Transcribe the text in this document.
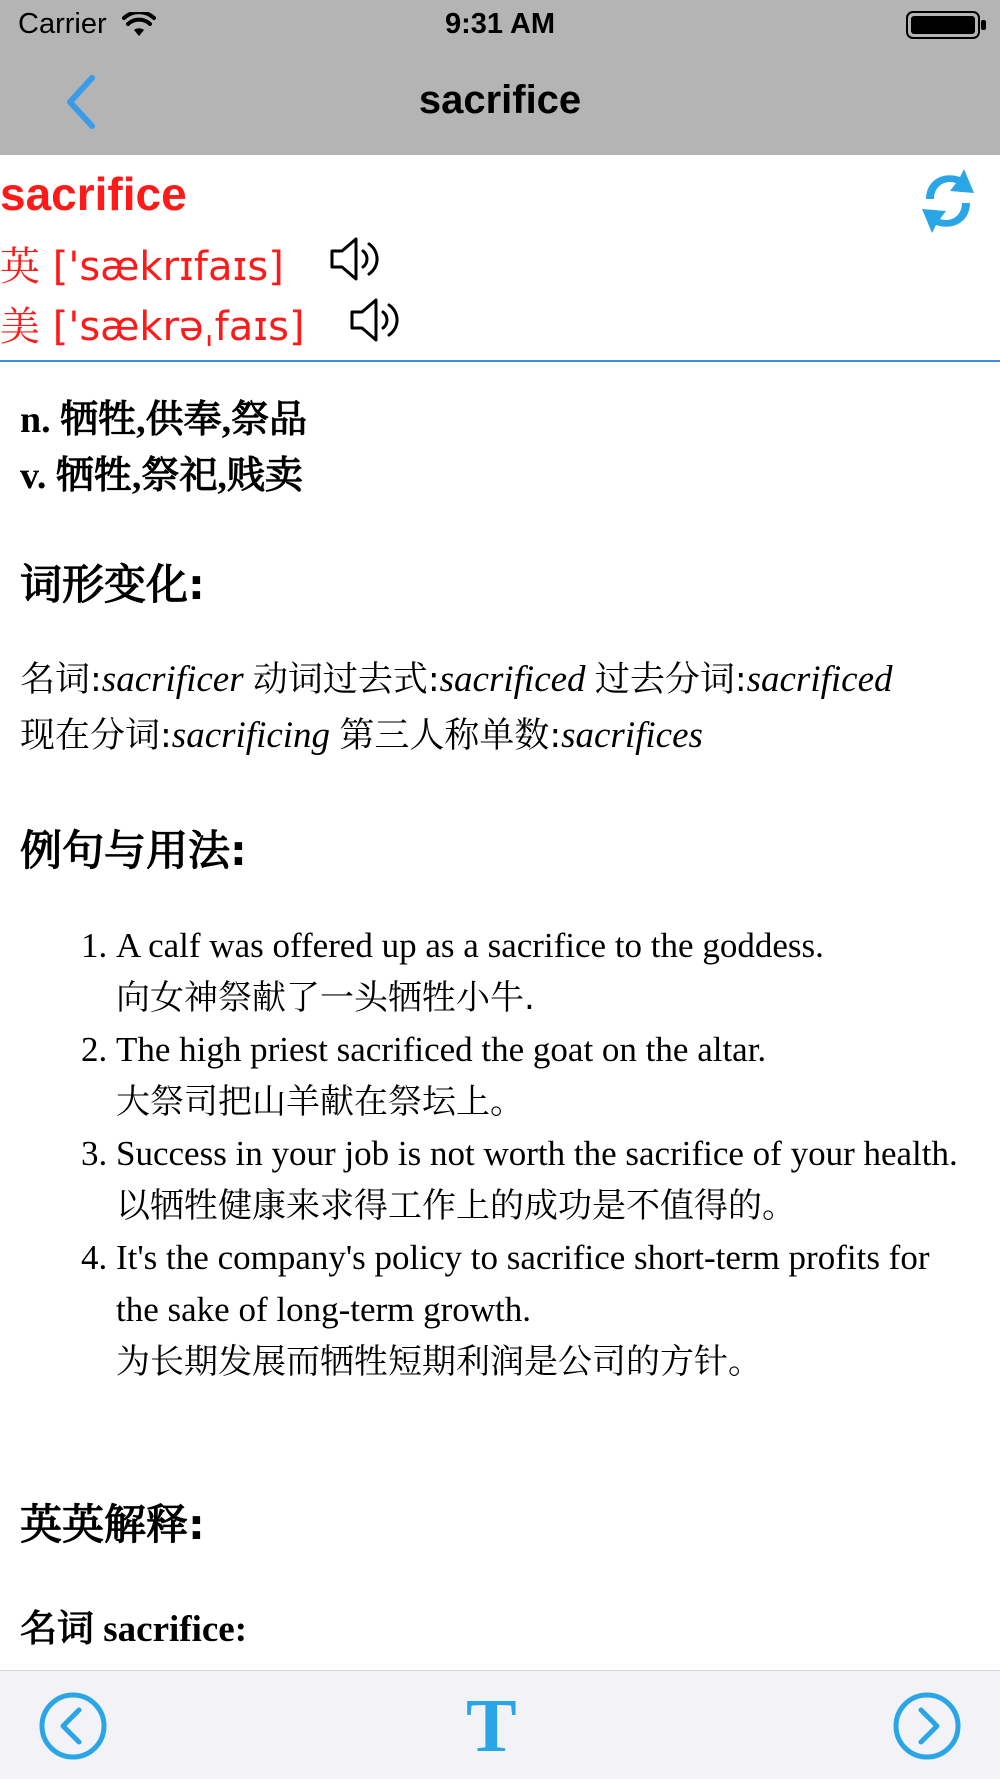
Carrier	9:31 AM
sacrifice
sacrifice
英 ['sækrɪfaɪs]
美 ['sækrəˌfaɪs]
n. 牺牲,供奉,祭品
v. 牺牲,祭祀,贱卖
词形变化:
名词:sacrificer 动词过去式:sacrificed 过去分词:sacrificed
现在分词:sacrificing 第三人称单数:sacrifices
例句与用法:
1. A calf was offered up as a sacrifice to the goddess.
向女神祭献了一头牺牲小牛.
2. The high priest sacrificed the goat on the altar.
大祭司把山羊献在祭坛上。
3. Success in your job is not worth the sacrifice of your health.
以牺牲健康来求得工作上的成功是不值得的。
4. It's the company's policy to sacrifice short-term profits for the sake of long-term growth.
为长期发展而牺牲短期利润是公司的方针。
英英解释:
名词 sacrifice:
T
